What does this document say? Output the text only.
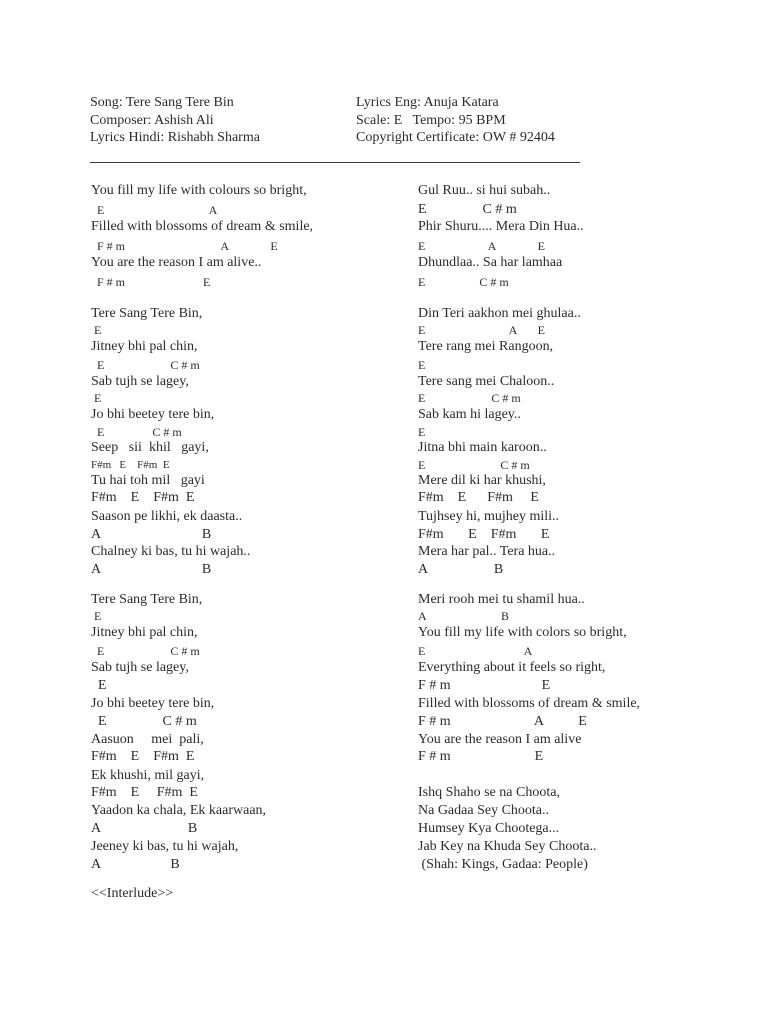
Song: Tere Sang Tere Bin
Composer: Ashish Ali
Lyrics Hindi: Rishabh Sharma
Lyrics Eng: Anuja Katara
Scale: E   Tempo: 95 BPM
Copyright Certificate: OW # 92404
You fill my life with colours so bright,
E                                   A
Filled with blossoms of dream & smile,
F # m                                A              E
You are the reason I am alive..
F # m                          E
Tere Sang Tere Bin,
E
Jitney bhi pal chin,
E                      C # m
Sab tujh se lagey,
E
Jo bhi beetey tere bin,
E                C # m
Seep   sii  khil   gayi,
F#m   E    F#m  E
Tu hai toh mil   gayi
F#m    E    F#m  E
Saason pe likhi, ek daasta..
A                             B
Chalney ki bas, tu hi wajah..
A                             B
Tere Sang Tere Bin,
E
Jitney bhi pal chin,
E                      C # m
Sab tujh se lagey,
E
Jo bhi beetey tere bin,
E                C # m
Aasuon     mei  pali,
F#m    E    F#m  E
Ek khushi, mil gayi,
F#m    E     F#m  E
Yaadon ka chala, Ek kaarwaan,
A                         B
Jeeney ki bas, tu hi wajah,
A                    B
<<Interlude>>
Gul Ruu.. si hui subah..
E                C # m
Phir Shuru.... Mera Din Hua..
E                     A              E
Dhundlaa.. Sa har lamhaa
E                  C # m
Din Teri aakhon mei ghulaa..
E                            A       E
Tere rang mei Rangoon,
E
Tere sang mei Chaloon..
E                      C # m
Sab kam hi lagey..
E
Jitna bhi main karoon..
E                         C # m
Mere dil ki har khushi,
F#m    E      F#m     E
Tujhsey hi, mujhey mili..
F#m       E    F#m       E
Mera har pal.. Tera hua..
A                   B
Meri rooh mei tu shamil hua..
A                         B
You fill my life with colors so bright,
E                                 A
Everything about it feels so right,
F # m                          E
Filled with blossoms of dream & smile,
F # m                        A          E
You are the reason I am alive
F # m                        E
Ishq Shaho se na Choota,
Na Gadaa Sey Choota..
Humsey Kya Chootega...
Jab Key na Khuda Sey Choota..
(Shah: Kings, Gadaa: People)
